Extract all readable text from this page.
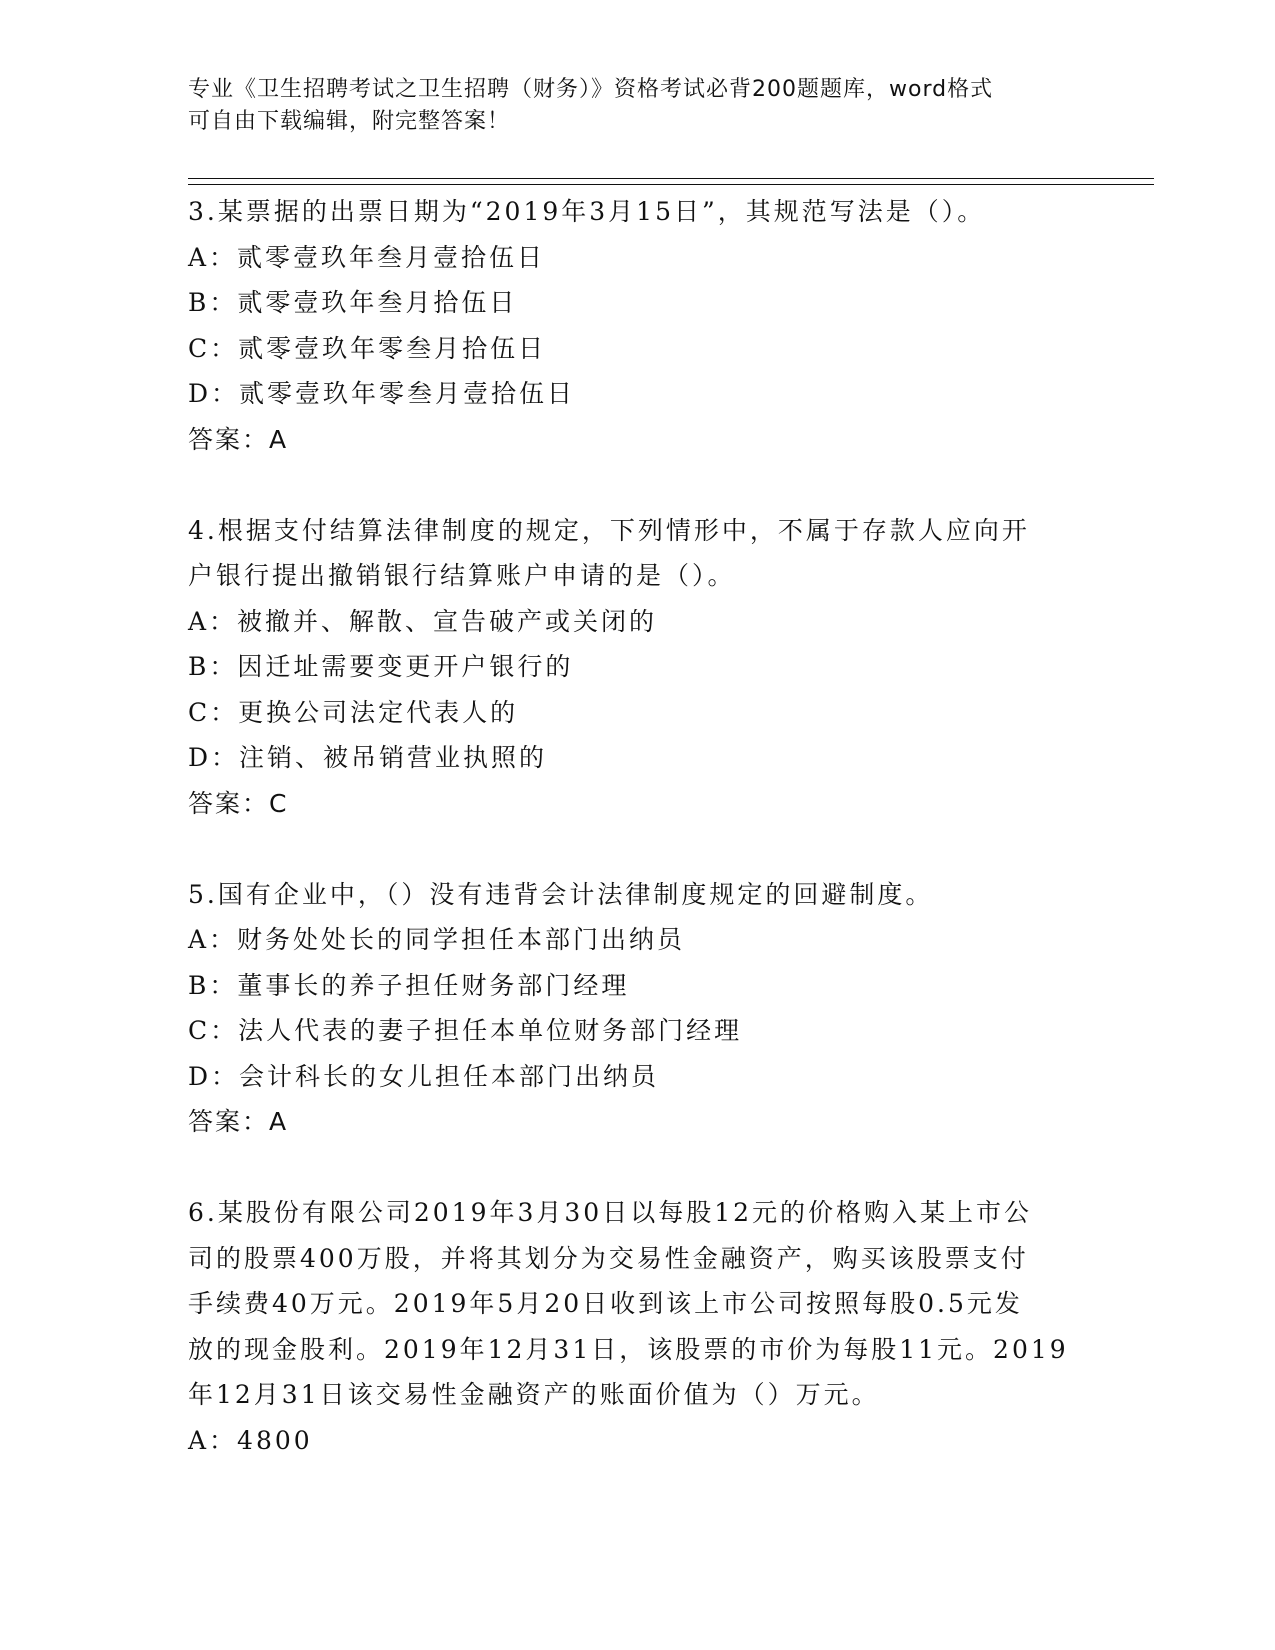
专业《卫生招聘考试之卫生招聘（财务）》资格考试必背200题题库，word格式

可自由下载编辑，附完整答案！

3.某票据的出票日期为“2019年3月15日”，其规范写法是（）。

A：贰零壹玖年叁月壹拾伍日

B：贰零壹玖年叁月拾伍日

C：贰零壹玖年零叁月拾伍日

D：贰零壹玖年零叁月壹拾伍日

答案：A

4.根据支付结算法律制度的规定，下列情形中，不属于存款人应向开

户银行提出撤销银行结算账户申请的是（）。

A：被撤并、解散、宣告破产或关闭的

B：因迁址需要变更开户银行的

C：更换公司法定代表人的

D：注销、被吊销营业执照的

答案：C

5.国有企业中，（）没有违背会计法律制度规定的回避制度。

A：财务处处长的同学担任本部门出纳员

B：董事长的养子担任财务部门经理

C：法人代表的妻子担任本单位财务部门经理

D：会计科长的女儿担任本部门出纳员

答案：A

6.某股份有限公司2019年3月30日以每股12元的价格购入某上市公

司的股票400万股，并将其划分为交易性金融资产，购买该股票支付

手续费40万元。2019年5月20日收到该上市公司按照每股0.5元发

放的现金股利。2019年12月31日，该股票的市价为每股11元。2019

年12月31日该交易性金融资产的账面价值为（）万元。

A：4800
